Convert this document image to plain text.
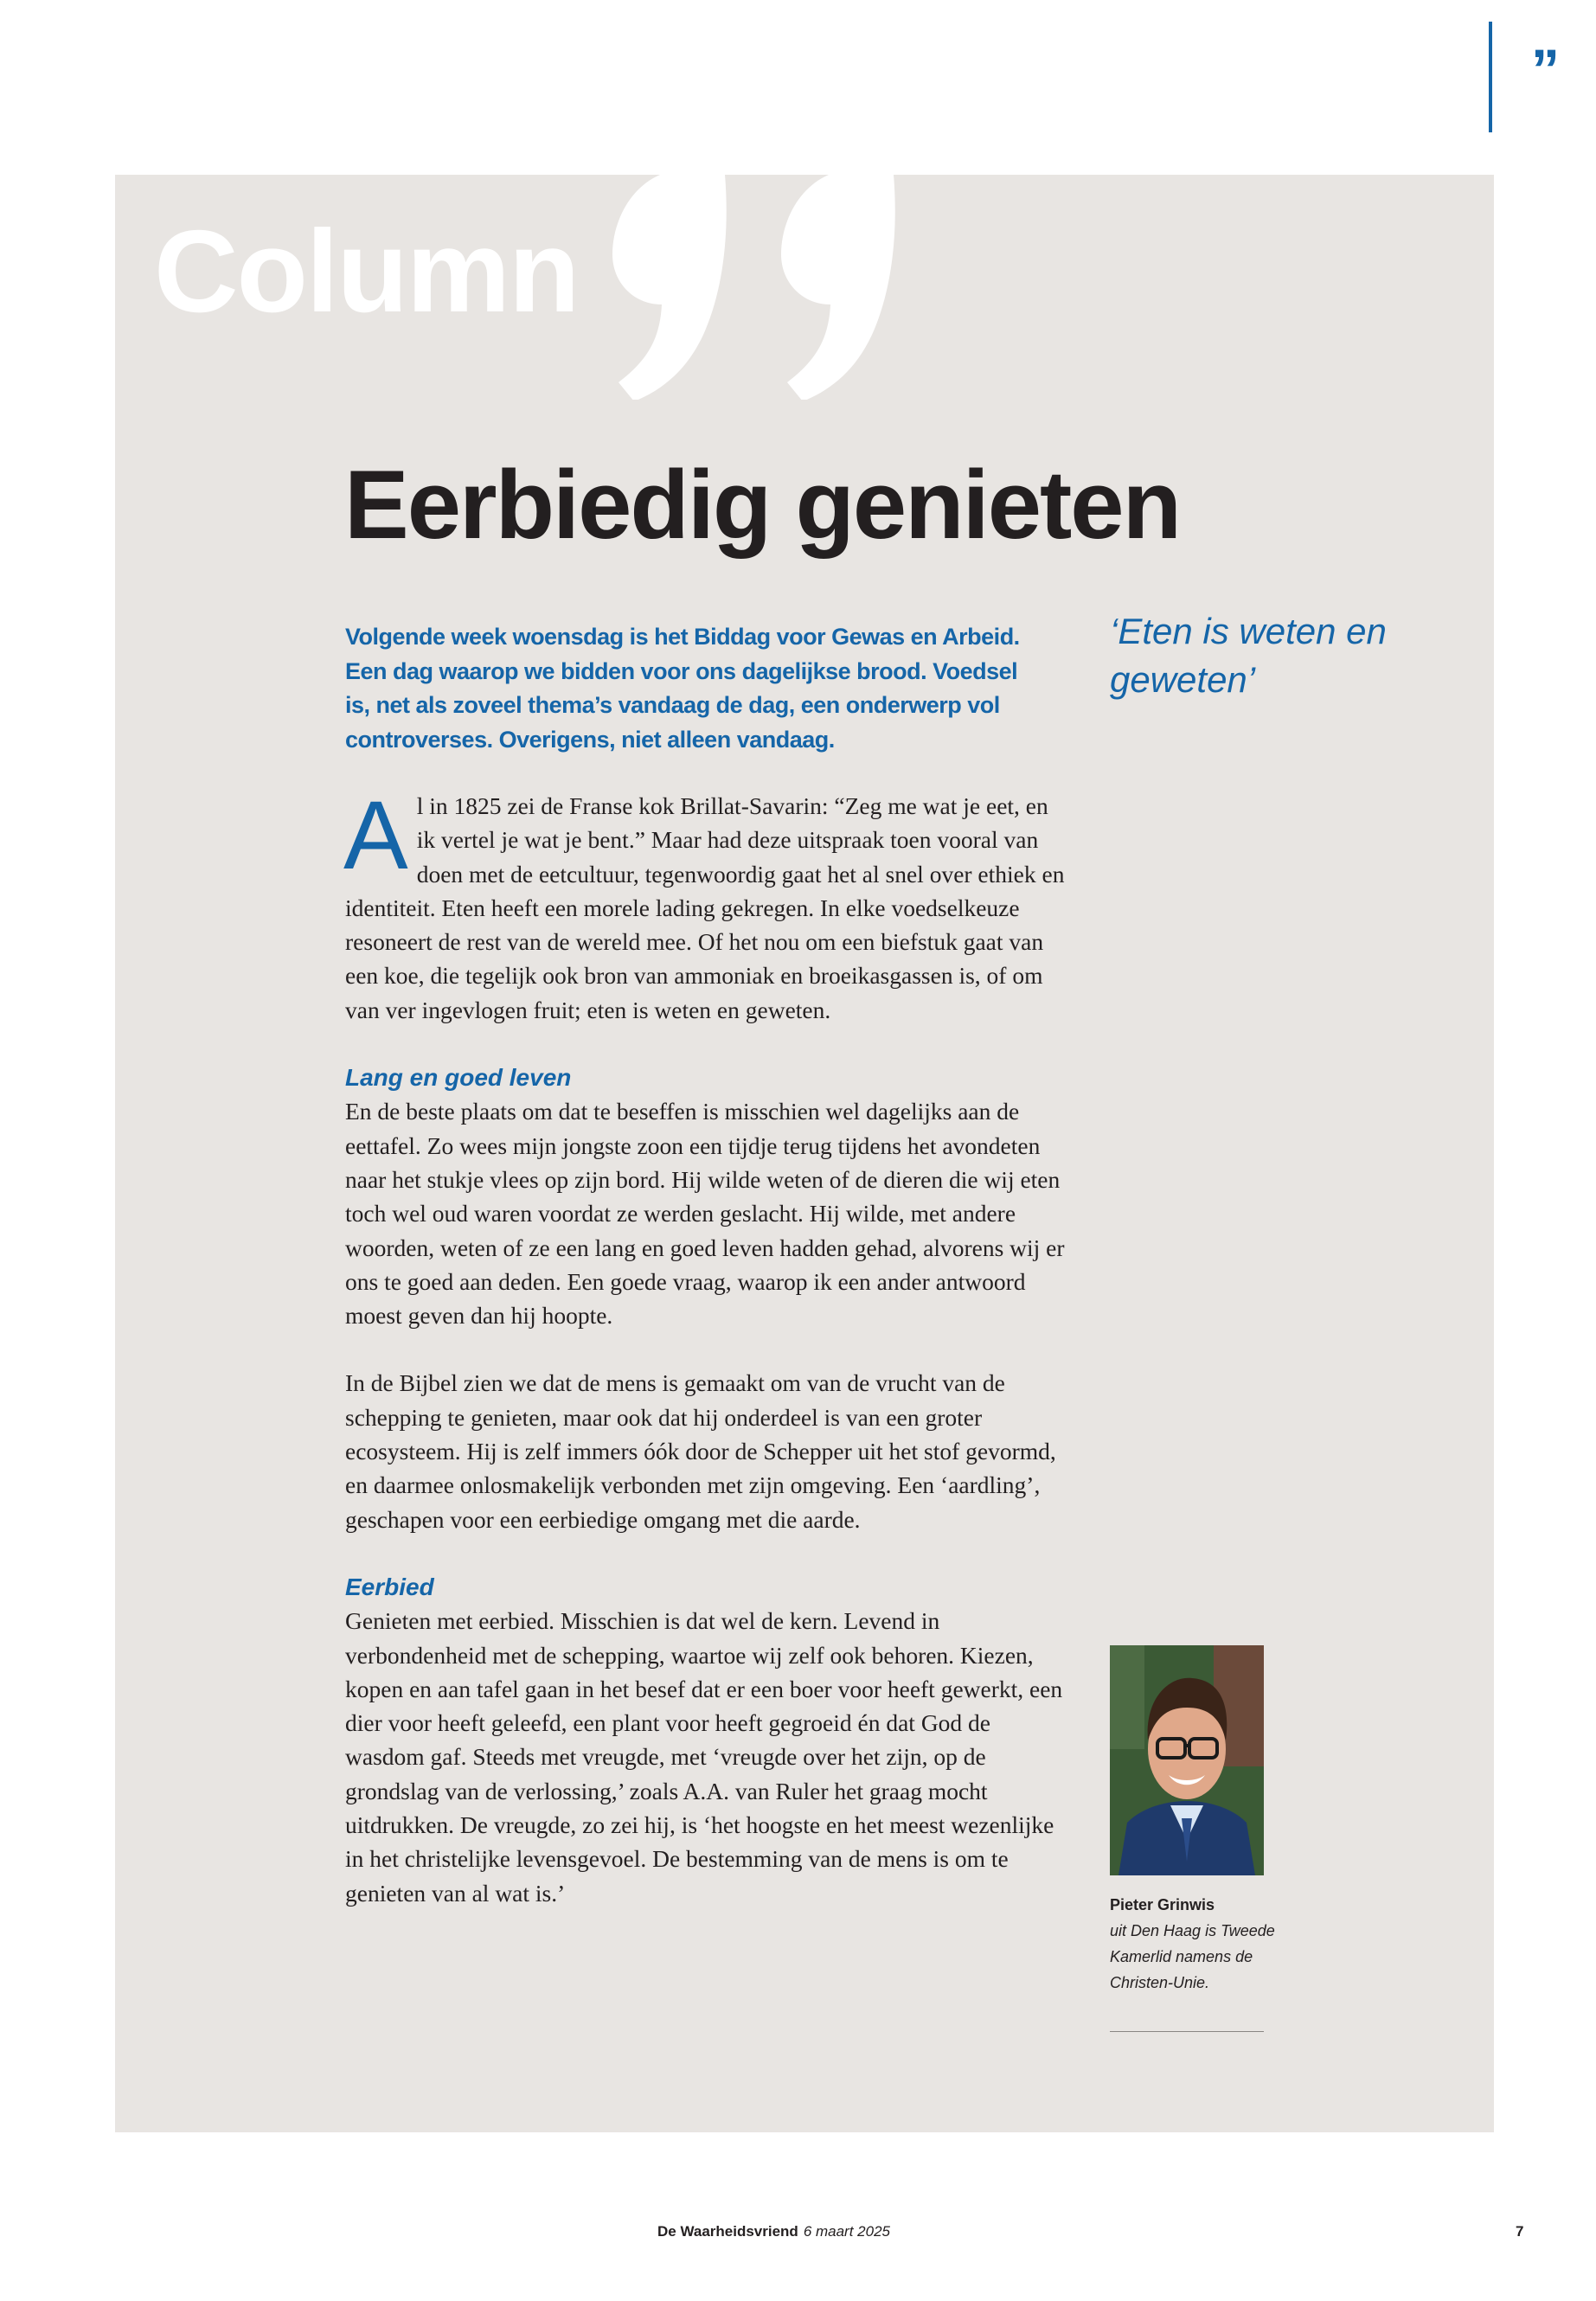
”
Column
Eerbiedig genieten
Volgende week woensdag is het Biddag voor Gewas en Arbeid. Een dag waarop we bidden voor ons dagelijkse brood. Voedsel is, net als zoveel thema’s vandaag de dag, een onderwerp vol controverses. Overigens, niet alleen vandaag.
‘Eten is weten en geweten’

Al in 1825 zei de Franse kok Brillat-Savarin: “Zeg me wat je eet, en ik vertel je wat je bent.” Maar had deze uitspraak toen vooral van doen met de eetcultuur, tegenwoordig gaat het al snel over ethiek en identiteit. Eten heeft een morele lading gekregen. In elke voedselkeuze resoneert de rest van de wereld mee. Of het nou om een biefstuk gaat van een koe, die tegelijk ook bron van ammoniak en broeikasgassen is, of om van ver ingevlogen fruit; eten is weten en geweten.

Lang en goed leven

En de beste plaats om dat te beseffen is misschien wel dagelijks aan de eettafel. Zo wees mijn jongste zoon een tijdje terug tijdens het avondeten naar het stukje vlees op zijn bord. Hij wilde weten of de dieren die wij eten toch wel oud waren voordat ze werden geslacht. Hij wilde, met andere woorden, weten of ze een lang en goed leven hadden gehad, alvorens wij er ons te goed aan deden. Een goede vraag, waarop ik een ander antwoord moest geven dan hij hoopte.

In de Bijbel zien we dat de mens is gemaakt om van de vrucht van de schepping te genieten, maar ook dat hij onderdeel is van een groter ecosysteem. Hij is zelf immers óók door de Schepper uit het stof gevormd, en daarmee onlosmakelijk verbonden met zijn omgeving. Een ‘aardling’, geschapen voor een eerbiedige omgang met die aarde.

Eerbied

Genieten met eerbied. Misschien is dat wel de kern. Levend in verbondenheid met de schepping, waartoe wij zelf ook behoren. Kiezen, kopen en aan tafel gaan in het besef dat er een boer voor heeft gewerkt, een dier voor heeft geleefd, een plant voor heeft gegroeid én dat God de wasdom gaf. Steeds met vreugde, met ‘vreugde over het zijn, op de grondslag van de verlossing,’ zoals A.A. van Ruler het graag mocht uitdrukken. De vreugde, zo zei hij, is ‘het hoogste en het meest wezenlijke in het christelijke levensgevoel. De bestemming van de mens is om te genieten van al wat is.’	Pieter Grinwis
uit Den Haag is Tweede Kamerlid namens de Christen-Unie.
De Waarheidsvriend 6 maart 2025	7
